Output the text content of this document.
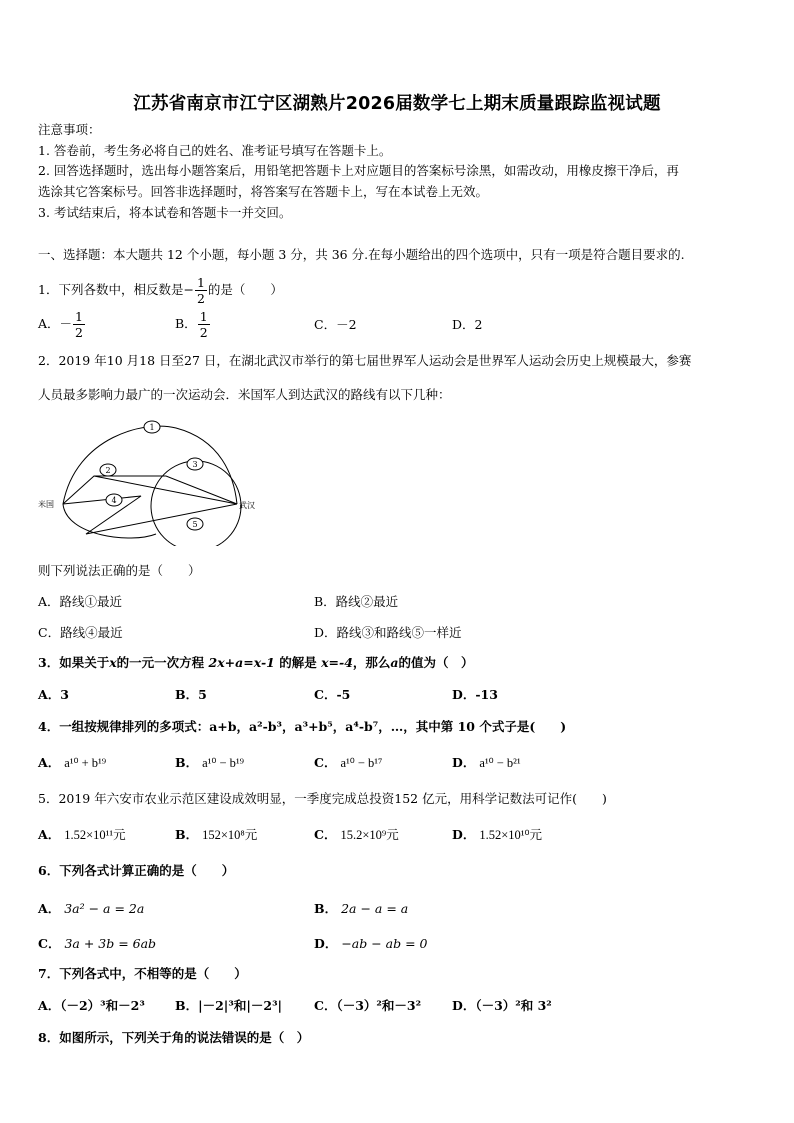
江苏省南京市江宁区湖熟片2026届数学七上期末质量跟踪监视试题
注意事项：
1. 答卷前，考生务必将自己的姓名、准考证号填写在答题卡上。
2. 回答选择题时，选出每小题答案后，用铅笔把答题卡上对应题目的答案标号涂黑，如需改动，用橡皮擦干净后，再
选涂其它答案标号。回答非选择题时，将答案写在答题卡上，写在本试卷上无效。
3. 考试结束后，将本试卷和答题卡一并交回。
一、选择题：本大题共 12 个小题，每小题 3 分，共 36 分.在每小题给出的四个选项中，只有一项是符合题目要求的.
1．下列各数中，相反数是− $\frac{1}{2}$ 的是（　　）
A．－ $\frac{1}{2}$	B． $\frac{1}{2}$	C．－2	D．2
2．2019 年10 月18 日至27 日，在湖北武汉市举行的第七届世界军人运动会是世界军人运动会历史上规模最大，参赛
人员最多影响力最广的一次运动会．米国军人到达武汉的路线有以下几种：
1
2
3
4
5
米国	武汉
则下列说法正确的是（　　）
A．路线①最近	B．路线②最近
C．路线④最近	D．路线③和路线⑤一样近
3．如果关于x的一元一次方程 2x+a=x-1 的解是 x=-4，那么a的值为（　）
A．3	B．5	C．-5	D．-13
4．一组按规律排列的多项式：a+b，a²-b³，a³+b⁵，a⁴-b⁷，…，其中第 10 个式子是(　　)
A． a¹⁰ + b¹⁹	B． a¹⁰ − b¹⁹	C． a¹⁰ − b¹⁷	D． a¹⁰ − b²¹
5．2019 年六安市农业示范区建设成效明显，一季度完成总投资152 亿元，用科学记数法可记作(　　)
A． 1.52×10¹¹元	B． 152×10⁸元	C． 15.2×10⁹元	D． 1.52×10¹⁰元
6．下列各式计算正确的是（　　）
A． 3a² − a = 2a	B． 2a − a = a
C． 3a + 3b = 6ab	D． −ab − ab = 0
7．下列各式中，不相等的是（　　）
A．（－2）³和－2³ B．|－2|³和|－2³|	C．（－3）²和－3² D．（－3）²和 3²
8．如图所示，下列关于角的说法错误的是（　）
